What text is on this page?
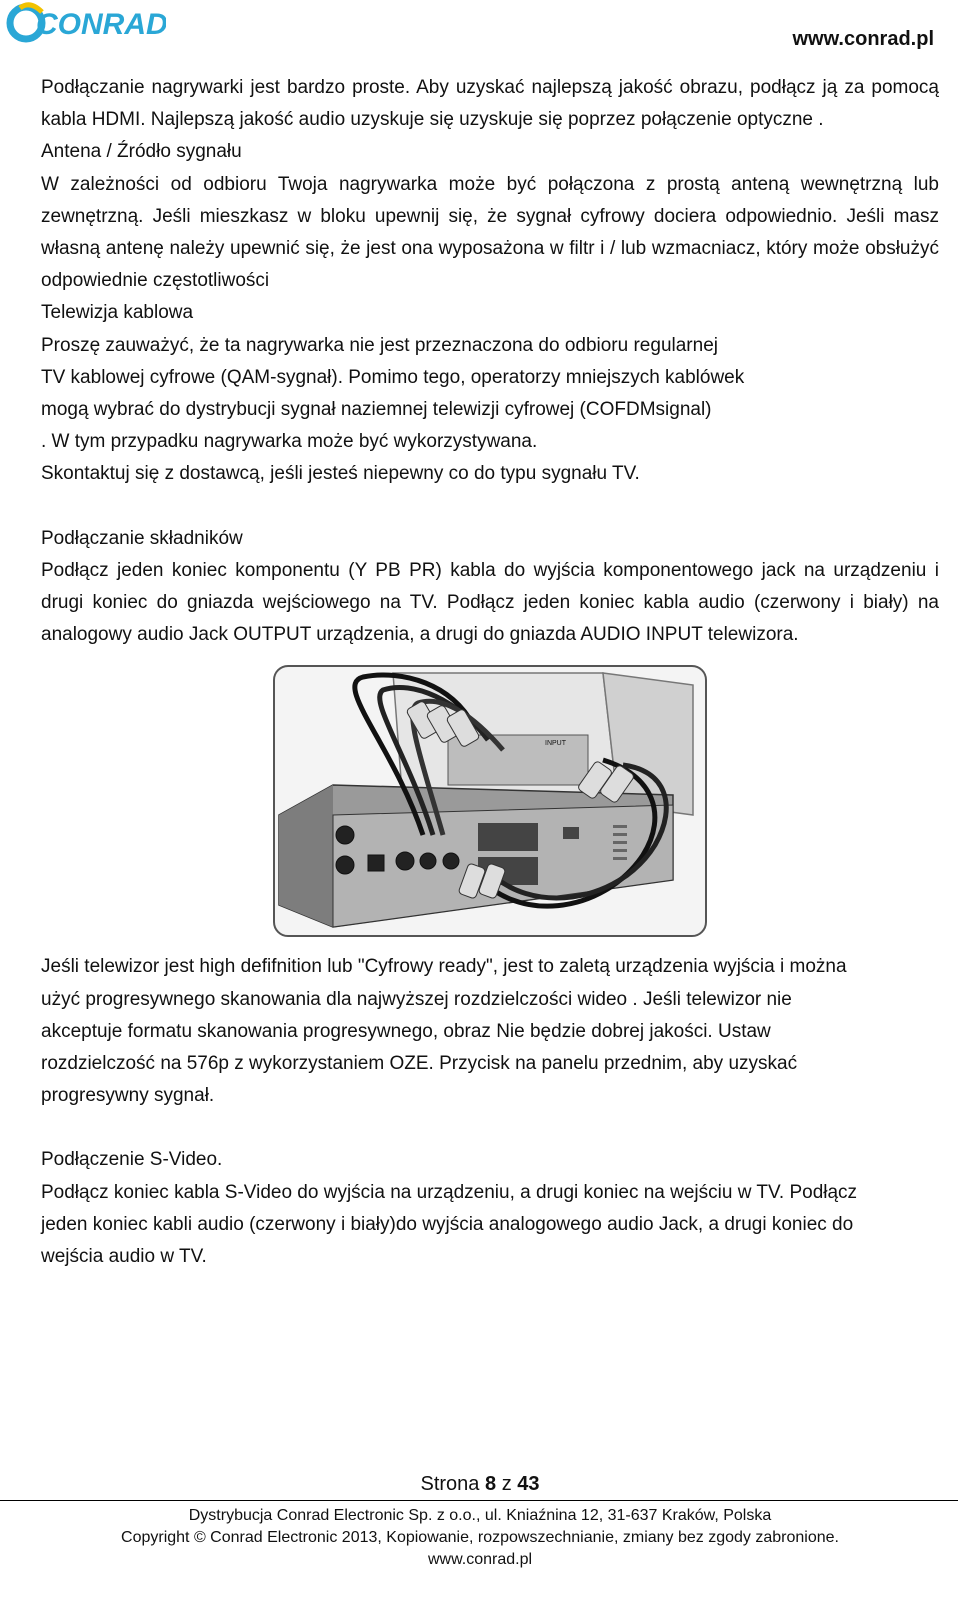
CONRAD	www.conrad.pl

Podłączanie nagrywarki jest bardzo proste. Aby uzyskać najlepszą jakość obrazu, podłącz ją za pomocą kabla HDMI. Najlepszą jakość audio uzyskuje się uzyskuje się poprzez połączenie optyczne .

Antena / Źródło sygnału

W zależności od odbioru Twoja nagrywarka może być połączona z prostą anteną wewnętrzną lub zewnętrzną. Jeśli mieszkasz w bloku upewnij się, że sygnał cyfrowy dociera odpowiednio. Jeśli masz własną antenę należy upewnić się, że jest ona wyposażona w filtr i / lub wzmacniacz, który może obsłużyć odpowiednie częstotliwości

Telewizja kablowa

Proszę zauważyć, że ta nagrywarka nie jest przeznaczona do odbioru regularnej

TV kablowej cyfrowe (QAM-sygnał). Pomimo tego, operatorzy mniejszych kablówek

mogą wybrać do dystrybucji sygnał naziemnej telewizji cyfrowej (COFDMsignal)

. W tym przypadku nagrywarka może być wykorzystywana.

Skontaktuj się z dostawcą, jeśli jesteś niepewny co do typu sygnału TV.

Podłączanie składników

Podłącz jeden koniec komponentu (Y PB PR) kabla do wyjścia komponentowego jack na urządzeniu i drugi koniec do gniazda wejściowego na TV. Podłącz jeden koniec kabla audio (czerwony i biały) na analogowy audio Jack OUTPUT urządzenia, a drugi do gniazda AUDIO INPUT telewizora.

INPUT

Jeśli telewizor jest high defifnition lub "Cyfrowy ready", jest to zaletą urządzenia wyjścia i można

użyć progresywnego skanowania dla najwyższej rozdzielczości wideo . Jeśli telewizor nie

akceptuje formatu skanowania progresywnego, obraz Nie będzie dobrej jakości. Ustaw

rozdzielczość na 576p z wykorzystaniem OZE. Przycisk na panelu przednim, aby uzyskać

progresywny sygnał.

Podłączenie S-Video.

Podłącz koniec kabla S-Video do wyjścia na urządzeniu, a drugi koniec na wejściu w TV. Podłącz

jeden koniec kabli audio (czerwony i biały)do wyjścia analogowego audio Jack, a drugi koniec do

wejścia audio w TV.

Strona 8 z 43
Dystrybucja Conrad Electronic Sp. z o.o., ul. Kniaźnina 12, 31-637 Kraków, Polska
Copyright © Conrad Electronic 2013, Kopiowanie, rozpowszechnianie, zmiany bez zgody zabronione.
www.conrad.pl
